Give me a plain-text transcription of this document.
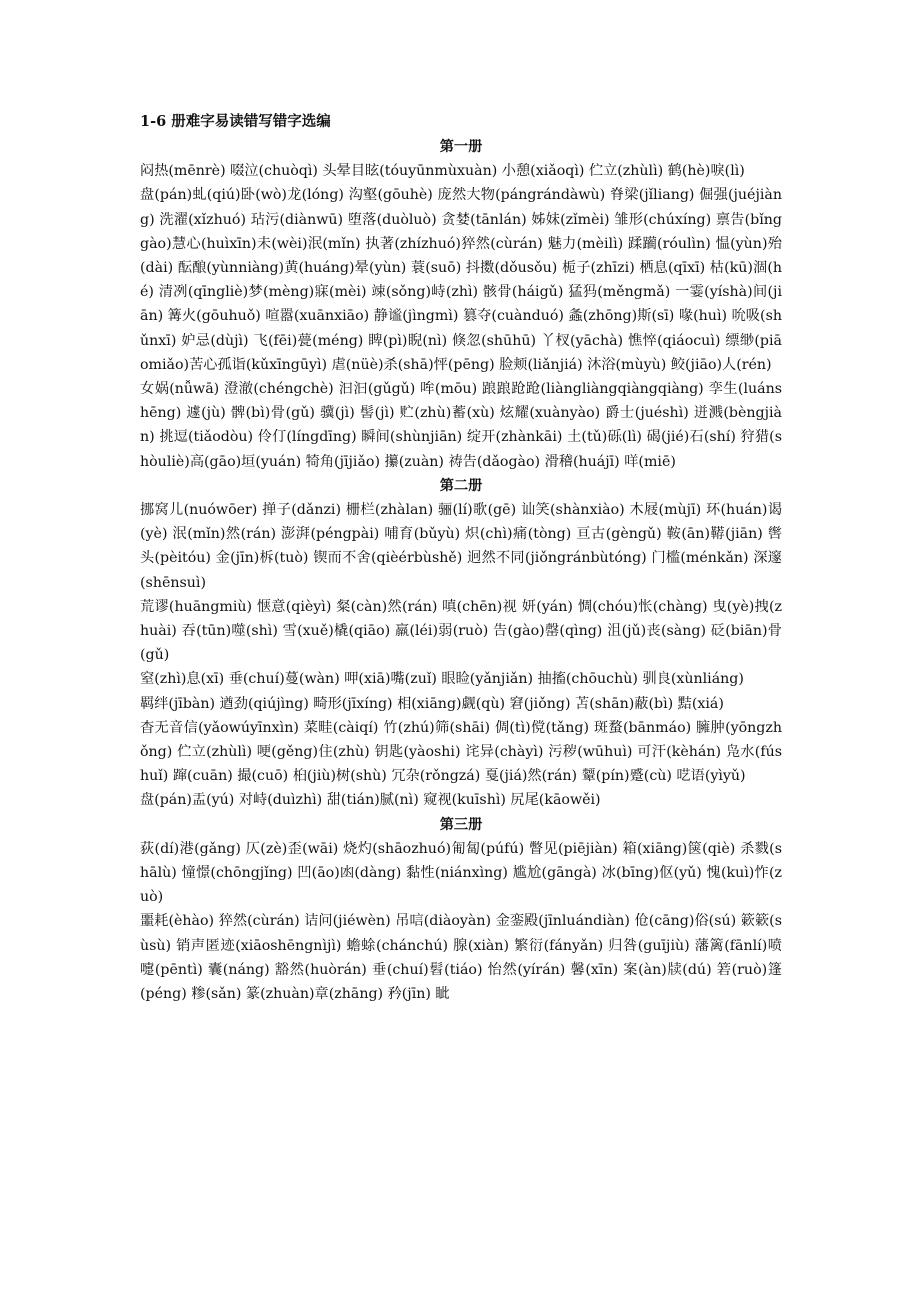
1-6 册难字易读错写错字选编
第一册

闷热(mēnrè) 啜泣(chuòqì) 头晕目眩(tóuyūnmùxuàn) 小憩(xiǎoqì) 伫立(zhùlì) 鹤(hè)唳(lì)

盘(pán)虬(qiú)卧(wò)龙(lóng) 沟壑(gōuhè) 庞然大物(pángrándàwù) 脊梁(jǐliang) 倔强(juéjiàng) 洗濯(xǐzhuó) 玷污(diànwū) 堕落(duòluò) 贪婪(tānlán) 姊妹(zǐmèi) 雏形(chúxíng) 禀告(bǐnggào)慧心(huìxīn)未(wèi)泯(mǐn) 执著(zhízhuó)猝然(cùrán) 魅力(mèilì) 蹂躏(róulìn) 愠(yùn)殆(dài) 酝酿(yùnniàng)黄(huáng)晕(yùn) 蓑(suō) 抖擞(dǒusǒu) 栀子(zhīzi) 栖息(qīxī) 枯(kū)涸(hé) 清冽(qīngliè)梦(mèng)寐(mèi) 竦(sǒng)峙(zhì) 骸骨(háigǔ) 猛犸(měngmǎ) 一霎(yíshà)间(jiān) 篝火(gōuhuǒ) 喧嚣(xuānxiāo) 静谧(jìngmì) 篡夺(cuànduó) 螽(zhōng)斯(sī) 喙(huì) 吮吸(shǔnxī) 妒忌(dùjì) 飞(fēi)甍(méng) 睥(pì)睨(nì) 倏忽(shūhū) 丫杈(yāchà) 憔悴(qiáocuì) 缥缈(piāomiǎo)苦心孤诣(kǔxīngūyì) 虐(nüè)杀(shā)怦(pēng) 脸颊(liǎnjiá) 沐浴(mùyù) 鲛(jiāo)人(rén)

女娲(nǚwā) 澄澈(chéngchè) 汩汩(gǔgǔ) 哞(mōu) 踉踉跄跄(liàngliàngqiàngqiàng) 孪生(luánshēng) 遽(jù) 髀(bì)骨(gǔ) 骥(jì) 髻(jì) 贮(zhù)蓄(xù) 炫耀(xuànyào) 爵士(juéshì) 迸溅(bèngjiàn) 挑逗(tiǎodòu) 伶仃(língdīng) 瞬间(shùnjiān) 绽开(zhànkāi) 土(tǔ)砾(lì) 碣(jié)石(shí) 狩猎(shòuliè)高(gāo)垣(yuán) 犄角(jījiǎo) 攥(zuàn) 祷告(dǎogào) 滑稽(huájī) 咩(miē)

第二册

挪窝儿(nuówōer) 掸子(dǎnzi) 栅栏(zhàlan) 骊(lí)歌(gē) 讪笑(shànxiào) 木屐(mùjī) 环(huán)谒(yè) 泯(mǐn)然(rán) 澎湃(péngpài) 哺育(bǔyù) 炽(chì)痛(tòng) 亘古(gèngǔ) 鞍(ān)鞯(jiān) 辔头(pèitóu) 金(jīn)柝(tuò) 锲而不舍(qièérbùshě) 迥然不同(jiǒngránbùtóng) 门槛(ménkǎn) 深邃(shēnsuì)

荒谬(huāngmiù) 惬意(qièyì) 粲(càn)然(rán) 嗔(chēn)视 妍(yán) 惆(chóu)怅(chàng) 曳(yè)拽(zhuài) 吞(tūn)噬(shì) 雪(xuě)橇(qiāo) 羸(léi)弱(ruò) 告(gào)罄(qìng) 沮(jǔ)丧(sàng) 砭(biān)骨(gǔ)

窒(zhì)息(xī) 垂(chuí)蔓(wàn) 呷(xiā)嘴(zuǐ) 眼睑(yǎnjiǎn) 抽搐(chōuchù) 驯良(xùnliáng)

羁绊(jībàn) 遒劲(qiújìng) 畸形(jīxíng) 相(xiāng)觑(qù) 窘(jiǒng) 苫(shān)蔽(bì) 黠(xiá)

杳无音信(yǎowúyīnxìn) 菜畦(càiqí) 竹(zhú)筛(shāi) 倜(tì)傥(tǎng) 斑蝥(bānmáo) 臃肿(yōngzhǒng) 伫立(zhùlì) 哽(gěng)住(zhù) 钥匙(yàoshi) 诧异(chàyì) 污秽(wūhuì) 可汗(kèhán) 凫水(fúshuǐ) 蹿(cuān) 撮(cuō) 桕(jiù)树(shù) 冗杂(rǒngzá) 戛(jiá)然(rán) 颦(pín)蹙(cù) 呓语(yìyǔ)

盘(pán)盂(yú) 对峙(duìzhì) 甜(tián)腻(nì) 窥视(kuīshì) 尻尾(kāowěi)

第三册

荻(dí)港(gǎng) 仄(zè)歪(wāi) 烧灼(shāozhuó)匍匐(púfú) 瞥见(piējiàn) 箱(xiāng)箧(qiè) 杀戮(shālù) 憧憬(chōngjǐng) 凹(āo)凼(dàng) 黏性(niánxìng) 尴尬(gāngà) 冰(bīng)伛(yǔ) 愧(kuì)怍(zuò)

噩耗(èhào) 猝然(cùrán) 诘问(jiéwèn) 吊唁(diàoyàn) 金銮殿(jīnluándiàn) 伧(cāng)俗(sú) 簌簌(sùsù) 销声匿迹(xiāoshēngnìjì) 蟾蜍(chánchú) 腺(xiàn) 繁衍(fányǎn) 归咎(guījiù) 藩篱(fānlí)喷嚏(pēntì) 囊(náng) 豁然(huòrán) 垂(chuí)髫(tiáo) 怡然(yírán) 馨(xīn) 案(àn)牍(dú) 箬(ruò)篷(péng) 糁(sǎn) 篆(zhuàn)章(zhāng) 矜(jīn) 眦
